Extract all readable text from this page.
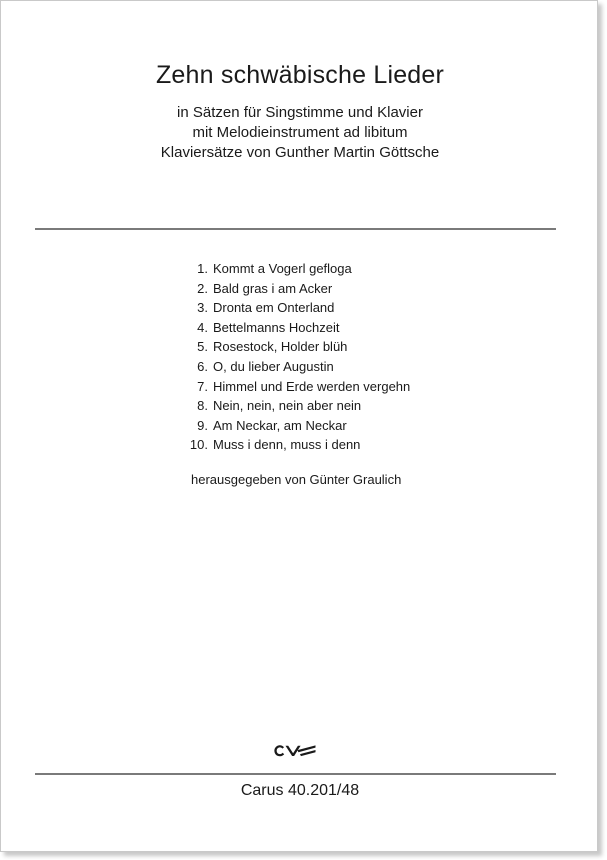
Zehn schwäbische Lieder
in Sätzen für Singstimme und Klavier
mit Melodieinstrument ad libitum
Klaviersätze von Gunther Martin Göttsche
1. Kommt a Vogerl gefloga
2. Bald gras i am Acker
3. Dronta em Onterland
4. Bettelmanns Hochzeit
5. Rosestock, Holder blüh
6. O, du lieber Augustin
7. Himmel und Erde werden vergehn
8. Nein, nein, nein aber nein
9. Am Neckar, am Neckar
10. Muss i denn, muss i denn
herausgegeben von Günter Graulich
Carus 40.201/48
